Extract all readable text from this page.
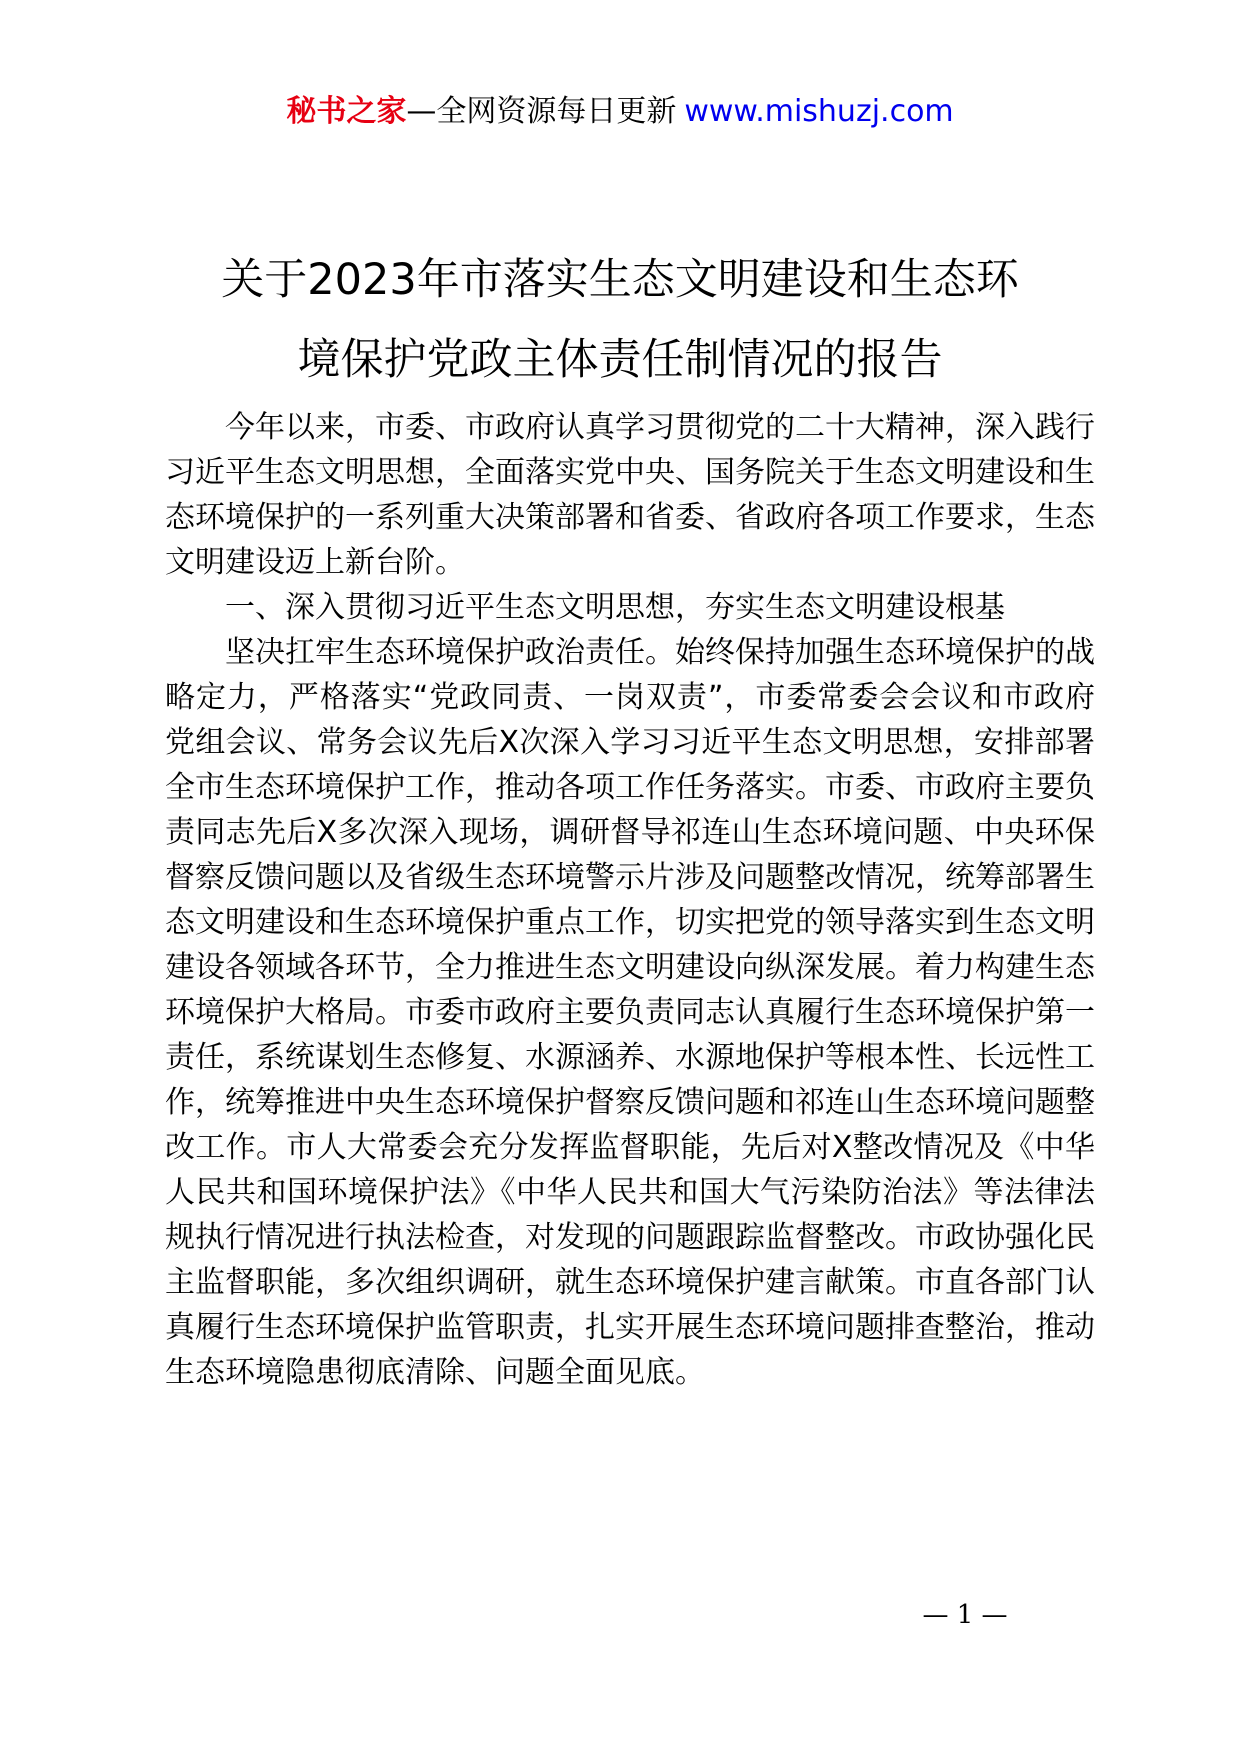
秘书之家—全网资源每日更新 www.mishuzj.com
关于2023年市落实生态文明建设和生态环
境保护党政主体责任制情况的报告

今年以来，市委、市政府认真学习贯彻党的二十大精神，深入践行习近平生态文明思想，全面落实党中央、国务院关于生态文明建设和生态环境保护的一系列重大决策部署和省委、省政府各项工作要求，生态文明建设迈上新台阶。

一、深入贯彻习近平生态文明思想，夯实生态文明建设根基

坚决扛牢生态环境保护政治责任。始终保持加强生态环境保护的战略定力，严格落实“党政同责、一岗双责”，市委常委会会议和市政府党组会议、常务会议先后X次深入学习习近平生态文明思想，安排部署全市生态环境保护工作，推动各项工作任务落实。市委、市政府主要负责同志先后X多次深入现场，调研督导祁连山生态环境问题、中央环保督察反馈问题以及省级生态环境警示片涉及问题整改情况，统筹部署生态文明建设和生态环境保护重点工作，切实把党的领导落实到生态文明建设各领域各环节，全力推进生态文明建设向纵深发展。着力构建生态环境保护大格局。市委市政府主要负责同志认真履行生态环境保护第一责任，系统谋划生态修复、水源涵养、水源地保护等根本性、长远性工作，统筹推进中央生态环境保护督察反馈问题和祁连山生态环境问题整改工作。市人大常委会充分发挥监督职能，先后对X整改情况及《中华人民共和国环境保护法》《中华人民共和国大气污染防治法》等法律法规执行情况进行执法检查，对发现的问题跟踪监督整改。市政协强化民主监督职能，多次组织调研，就生态环境保护建言献策。市直各部门认真履行生态环境保护监管职责，扎实开展生态环境问题排查整治，推动生态环境隐患彻底清除、问题全面见底。

— 1 —
